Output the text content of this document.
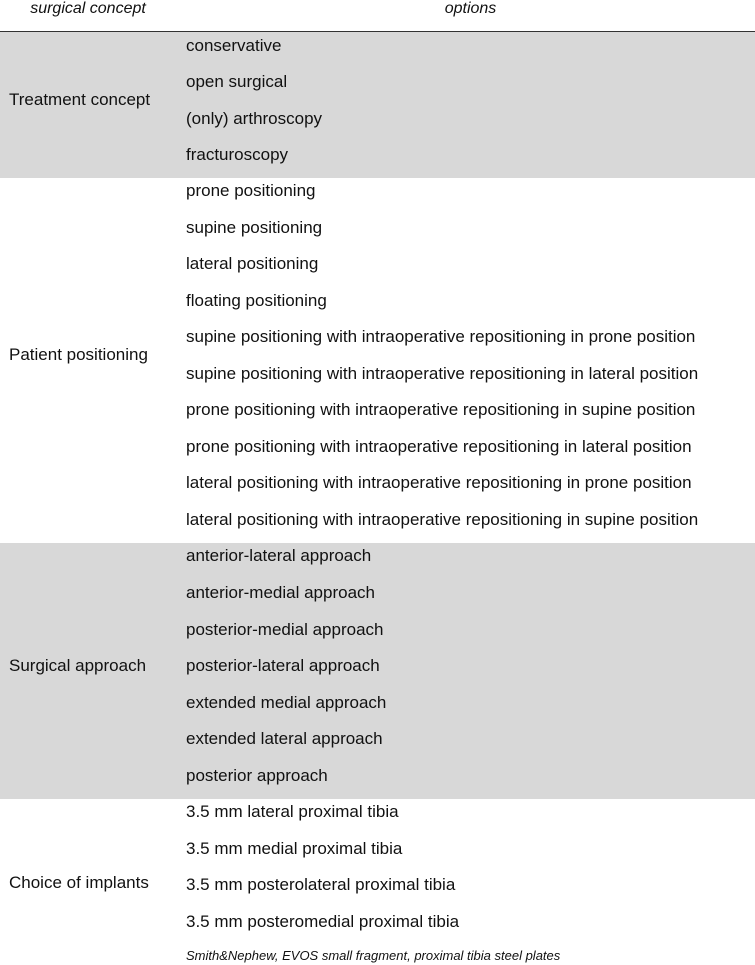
surgical concept	options
Treatment concept
conservative
open surgical
(only) arthroscopy
fracturoscopy
Patient positioning
prone positioning
supine positioning
lateral positioning
floating positioning
supine positioning with intraoperative repositioning in prone position
supine positioning with intraoperative repositioning in lateral position
prone positioning with intraoperative repositioning in supine position
prone positioning with intraoperative repositioning in lateral position
lateral positioning with intraoperative repositioning in prone position
lateral positioning with intraoperative repositioning in supine position
Surgical approach
anterior-lateral approach
anterior-medial approach
posterior-medial approach
posterior-lateral approach
extended medial approach
extended lateral approach
posterior approach
Choice of implants
3.5 mm lateral proximal tibia
3.5 mm medial proximal tibia
3.5 mm posterolateral proximal tibia
3.5 mm posteromedial proximal tibia
Smith&Nephew, EVOS small fragment, proximal tibia steel plates
